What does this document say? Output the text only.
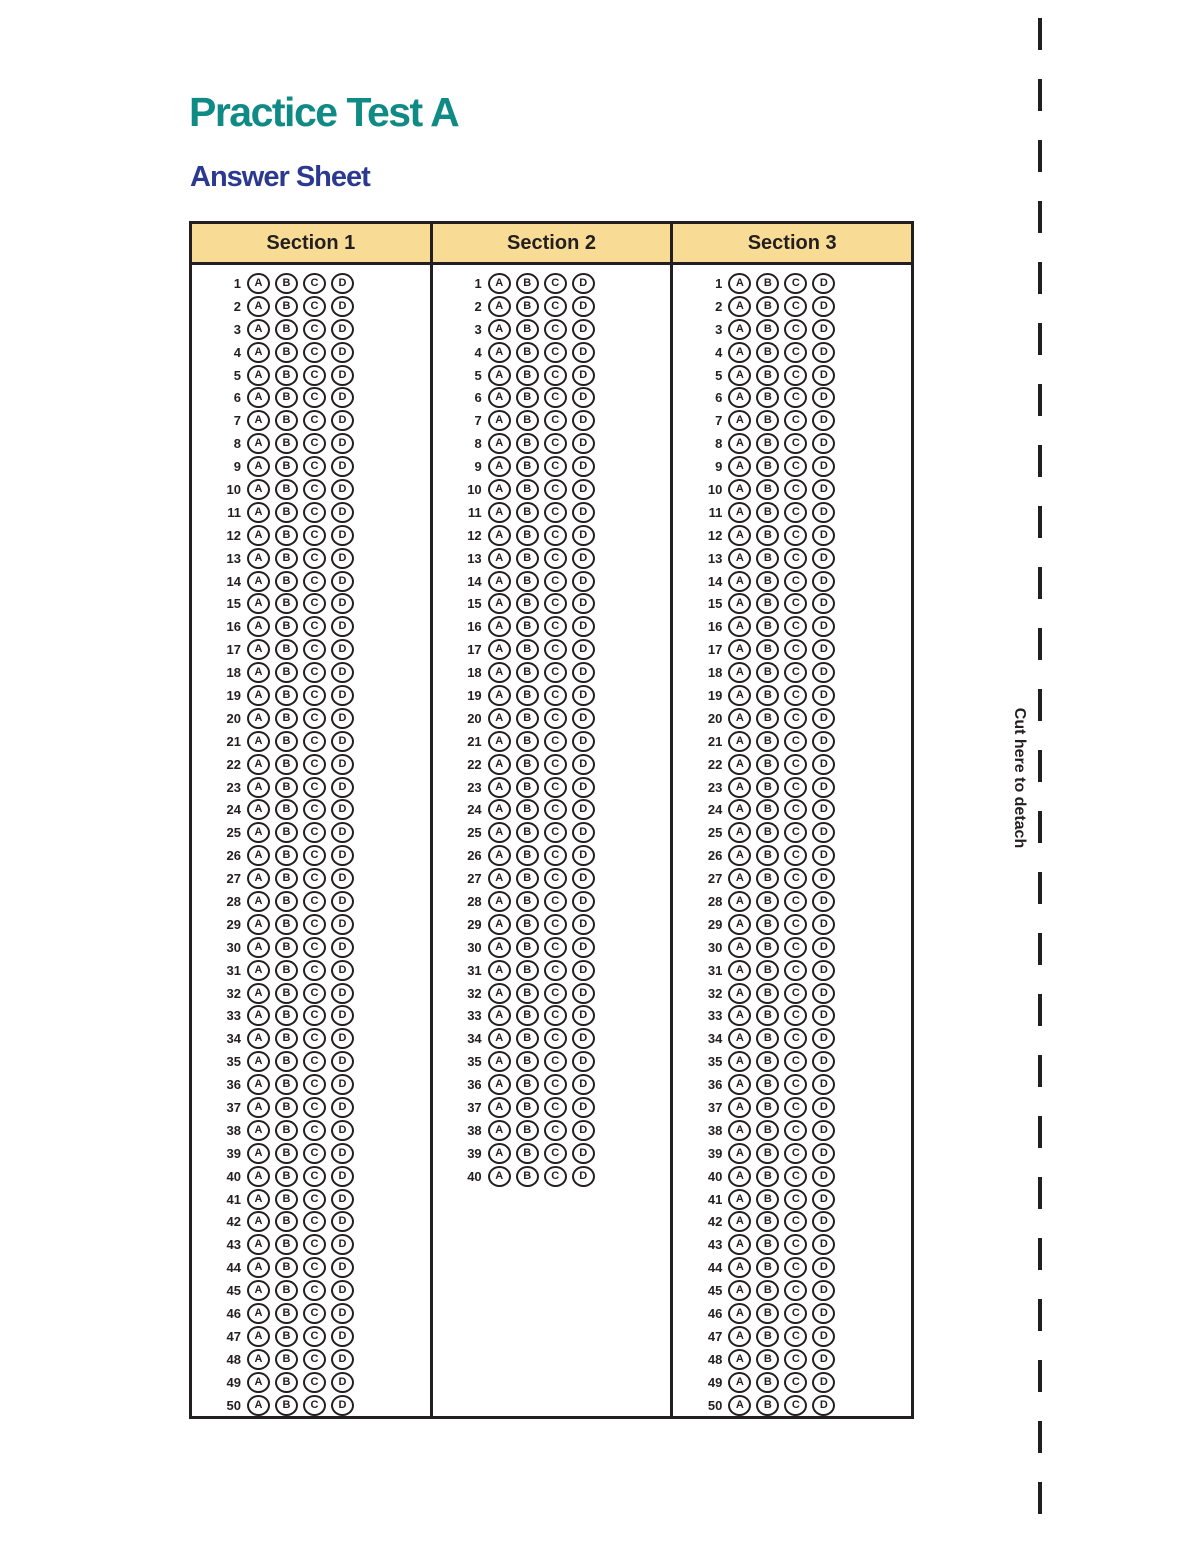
Practice Test A
Answer Sheet
Section 1
1	A	B	C	D
2	A	B	C	D
3	A	B	C	D
4	A	B	C	D
5	A	B	C	D
6	A	B	C	D
7	A	B	C	D
8	A	B	C	D
9	A	B	C	D
10	A	B	C	D
11	A	B	C	D
12	A	B	C	D
13	A	B	C	D
14	A	B	C	D
15	A	B	C	D
16	A	B	C	D
17	A	B	C	D
18	A	B	C	D
19	A	B	C	D
20	A	B	C	D
21	A	B	C	D
22	A	B	C	D
23	A	B	C	D
24	A	B	C	D
25	A	B	C	D
26	A	B	C	D
27	A	B	C	D
28	A	B	C	D
29	A	B	C	D
30	A	B	C	D
31	A	B	C	D
32	A	B	C	D
33	A	B	C	D
34	A	B	C	D
35	A	B	C	D
36	A	B	C	D
37	A	B	C	D
38	A	B	C	D
39	A	B	C	D
40	A	B	C	D
41	A	B	C	D
42	A	B	C	D
43	A	B	C	D
44	A	B	C	D
45	A	B	C	D
46	A	B	C	D
47	A	B	C	D
48	A	B	C	D
49	A	B	C	D
50	A	B	C	D
Section 2
1	A	B	C	D
2	A	B	C	D
3	A	B	C	D
4	A	B	C	D
5	A	B	C	D
6	A	B	C	D
7	A	B	C	D
8	A	B	C	D
9	A	B	C	D
10	A	B	C	D
11	A	B	C	D
12	A	B	C	D
13	A	B	C	D
14	A	B	C	D
15	A	B	C	D
16	A	B	C	D
17	A	B	C	D
18	A	B	C	D
19	A	B	C	D
20	A	B	C	D
21	A	B	C	D
22	A	B	C	D
23	A	B	C	D
24	A	B	C	D
25	A	B	C	D
26	A	B	C	D
27	A	B	C	D
28	A	B	C	D
29	A	B	C	D
30	A	B	C	D
31	A	B	C	D
32	A	B	C	D
33	A	B	C	D
34	A	B	C	D
35	A	B	C	D
36	A	B	C	D
37	A	B	C	D
38	A	B	C	D
39	A	B	C	D
40	A	B	C	D
Section 3
1	A	B	C	D
2	A	B	C	D
3	A	B	C	D
4	A	B	C	D
5	A	B	C	D
6	A	B	C	D
7	A	B	C	D
8	A	B	C	D
9	A	B	C	D
10	A	B	C	D
11	A	B	C	D
12	A	B	C	D
13	A	B	C	D
14	A	B	C	D
15	A	B	C	D
16	A	B	C	D
17	A	B	C	D
18	A	B	C	D
19	A	B	C	D
20	A	B	C	D
21	A	B	C	D
22	A	B	C	D
23	A	B	C	D
24	A	B	C	D
25	A	B	C	D
26	A	B	C	D
27	A	B	C	D
28	A	B	C	D
29	A	B	C	D
30	A	B	C	D
31	A	B	C	D
32	A	B	C	D
33	A	B	C	D
34	A	B	C	D
35	A	B	C	D
36	A	B	C	D
37	A	B	C	D
38	A	B	C	D
39	A	B	C	D
40	A	B	C	D
41	A	B	C	D
42	A	B	C	D
43	A	B	C	D
44	A	B	C	D
45	A	B	C	D
46	A	B	C	D
47	A	B	C	D
48	A	B	C	D
49	A	B	C	D
50	A	B	C	D
Cut here to detach
